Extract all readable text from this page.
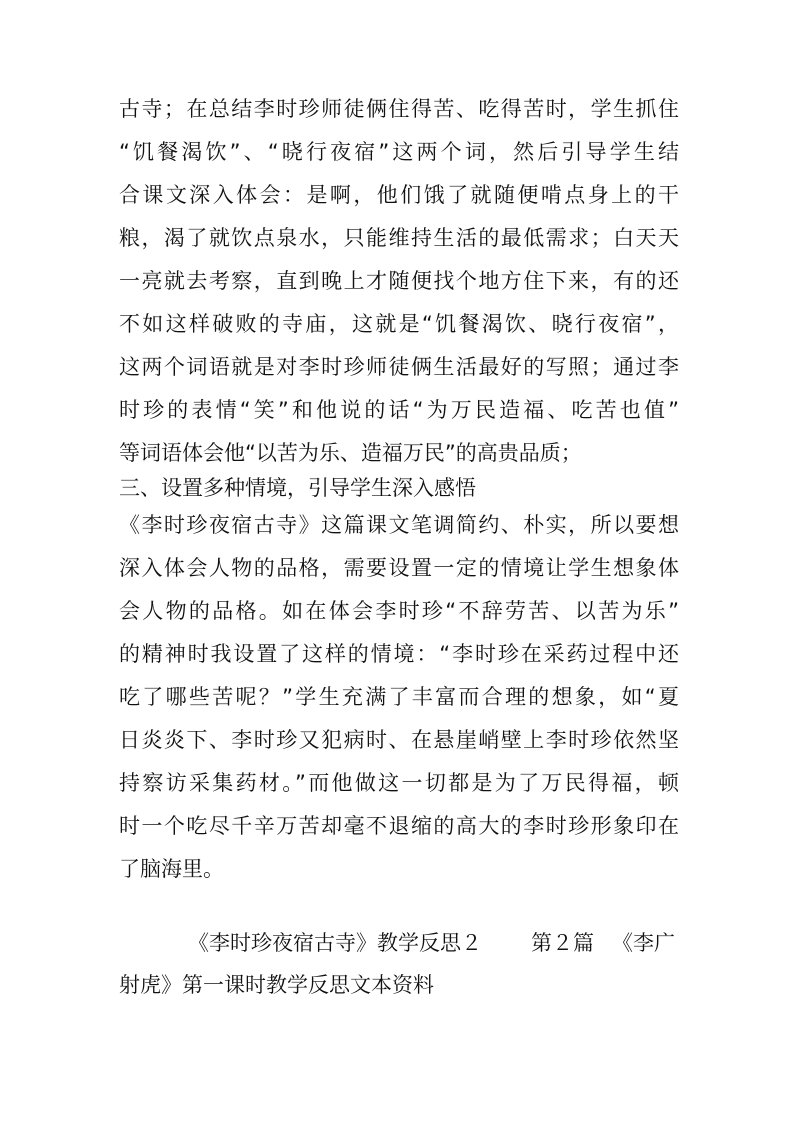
古寺；在总结李时珍师徒俩住得苦、吃得苦时，学生抓住
“饥餐渴饮”、“晓行夜宿”这两个词，然后引导学生结
合课文深入体会：是啊，他们饿了就随便啃点身上的干
粮，渴了就饮点泉水，只能维持生活的最低需求；白天天
一亮就去考察，直到晚上才随便找个地方住下来，有的还
不如这样破败的寺庙，这就是“饥餐渴饮、晓行夜宿”，
这两个词语就是对李时珍师徒俩生活最好的写照；通过李
时珍的表情“笑”和他说的话“为万民造福、吃苦也值”
等词语体会他“以苦为乐、造福万民”的高贵品质；
三、设置多种情境，引导学生深入感悟
《李时珍夜宿古寺》这篇课文笔调简约、朴实，所以要想
深入体会人物的品格，需要设置一定的情境让学生想象体
会人物的品格。如在体会李时珍“不辞劳苦、以苦为乐”
的精神时我设置了这样的情境：“李时珍在采药过程中还
吃了哪些苦呢？”学生充满了丰富而合理的想象，如“夏
日炎炎下、李时珍又犯病时、在悬崖峭壁上李时珍依然坚
持察访采集药材。”而他做这一切都是为了万民得福，顿
时一个吃尽千辛万苦却毫不退缩的高大的李时珍形象印在
了脑海里。
《李时珍夜宿古寺》教学反思２ 第２篇 《李广
射虎》第一课时教学反思文本资料
